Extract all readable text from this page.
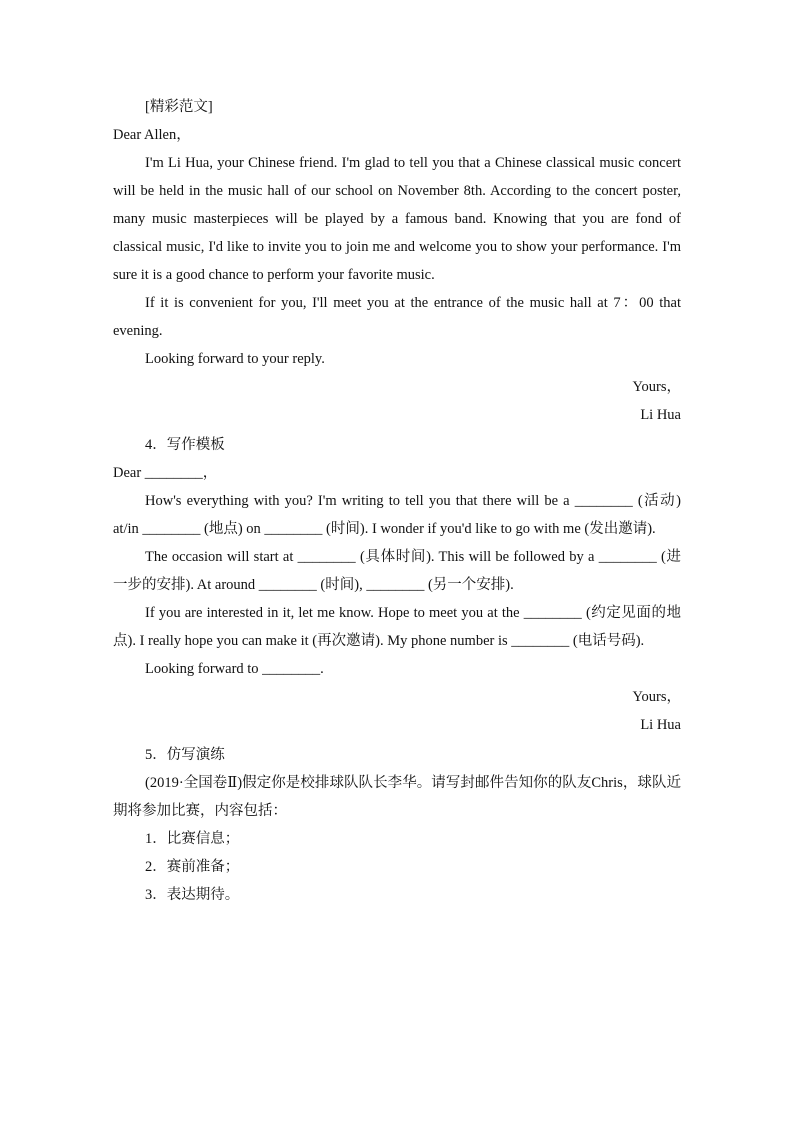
[精彩范文]

Dear Allen，

I'm Li Hua, your Chinese friend. I'm glad to tell you that a Chinese classical music concert will be held in the music hall of our school on November 8th. According to the concert poster, many music masterpieces will be played by a famous band. Knowing that you are fond of classical music, I'd like to invite you to join me and welcome you to show your performance. I'm sure it is a good chance to perform your favorite music.

If it is convenient for you, I'll meet you at the entrance of the music hall at 7：00 that evening.

Looking forward to your reply.

Yours，

Li Hua

4．写作模板

Dear ________，

How's everything with you? I'm writing to tell you that there will be a ________ (活动) at/in ________ (地点) on ________ (时间). I wonder if you'd like to go with me (发出邀请).

The occasion will start at ________ (具体时间). This will be followed by a ________ (进一步的安排). At around ________ (时间), ________ (另一个安排).

If you are interested in it, let me know. Hope to meet you at the ________ (约定见面的地点). I really hope you can make it (再次邀请). My phone number is ________ (电话号码).

Looking forward to ________.

Yours，

Li Hua

5．仿写演练

(2019·全国卷Ⅱ)假定你是校排球队队长李华。请写封邮件告知你的队友Chris，球队近期将参加比赛，内容包括：

1．比赛信息；

2．赛前准备；

3．表达期待。
